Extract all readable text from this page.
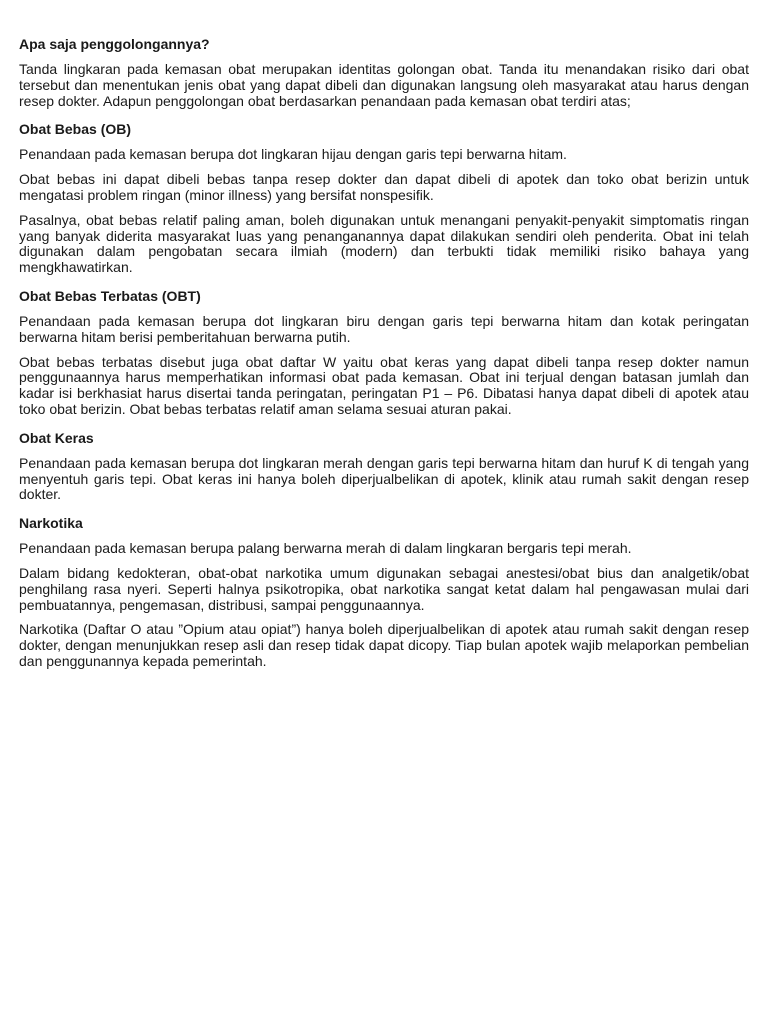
Apa saja penggolongannya?

Tanda lingkaran pada kemasan obat merupakan identitas golongan obat. Tanda itu menandakan risiko dari obat tersebut dan menentukan jenis obat yang dapat dibeli dan digunakan langsung oleh masyarakat atau harus dengan resep dokter. Adapun penggolongan obat berdasarkan penandaan pada kemasan obat terdiri atas;

Obat Bebas (OB)

Penandaan pada kemasan berupa dot lingkaran hijau dengan garis tepi berwarna hitam.

Obat bebas ini dapat dibeli bebas tanpa resep dokter dan dapat dibeli di apotek dan toko obat berizin untuk mengatasi problem ringan (minor illness) yang bersifat nonspesifik.

Pasalnya, obat bebas relatif paling aman, boleh digunakan untuk menangani penyakit-penyakit simptomatis ringan yang banyak diderita masyarakat luas yang penanganannya dapat dilakukan sendiri oleh penderita. Obat ini telah digunakan dalam pengobatan secara ilmiah (modern) dan terbukti tidak memiliki risiko bahaya yang mengkhawatirkan.

Obat Bebas Terbatas (OBT)

Penandaan pada kemasan berupa dot lingkaran biru dengan garis tepi berwarna hitam dan kotak peringatan berwarna hitam berisi pemberitahuan berwarna putih.

Obat bebas terbatas disebut juga obat daftar W yaitu obat keras yang dapat dibeli tanpa resep dokter namun penggunaannya harus memperhatikan informasi obat pada kemasan. Obat ini terjual dengan batasan jumlah dan kadar isi berkhasiat harus disertai tanda peringatan, peringatan P1 – P6. Dibatasi hanya dapat dibeli di apotek atau toko obat berizin. Obat bebas terbatas relatif aman selama sesuai aturan pakai.

Obat Keras

Penandaan pada kemasan berupa dot lingkaran merah dengan garis tepi berwarna hitam dan huruf K di tengah yang menyentuh garis tepi. Obat keras ini hanya boleh diperjualbelikan di apotek, klinik atau rumah sakit dengan resep dokter.

Narkotika

Penandaan pada kemasan berupa palang berwarna merah di dalam lingkaran bergaris tepi merah.

Dalam bidang kedokteran, obat-obat narkotika umum digunakan sebagai anestesi/obat bius dan analgetik/obat penghilang rasa nyeri. Seperti halnya psikotropika, obat narkotika sangat ketat dalam hal pengawasan mulai dari pembuatannya, pengemasan, distribusi, sampai penggunaannya.

Narkotika (Daftar O atau ”Opium atau opiat”) hanya boleh diperjualbelikan di apotek atau rumah sakit dengan resep dokter, dengan menunjukkan resep asli dan resep tidak dapat dicopy. Tiap bulan apotek wajib melaporkan pembelian dan penggunannya kepada pemerintah.
